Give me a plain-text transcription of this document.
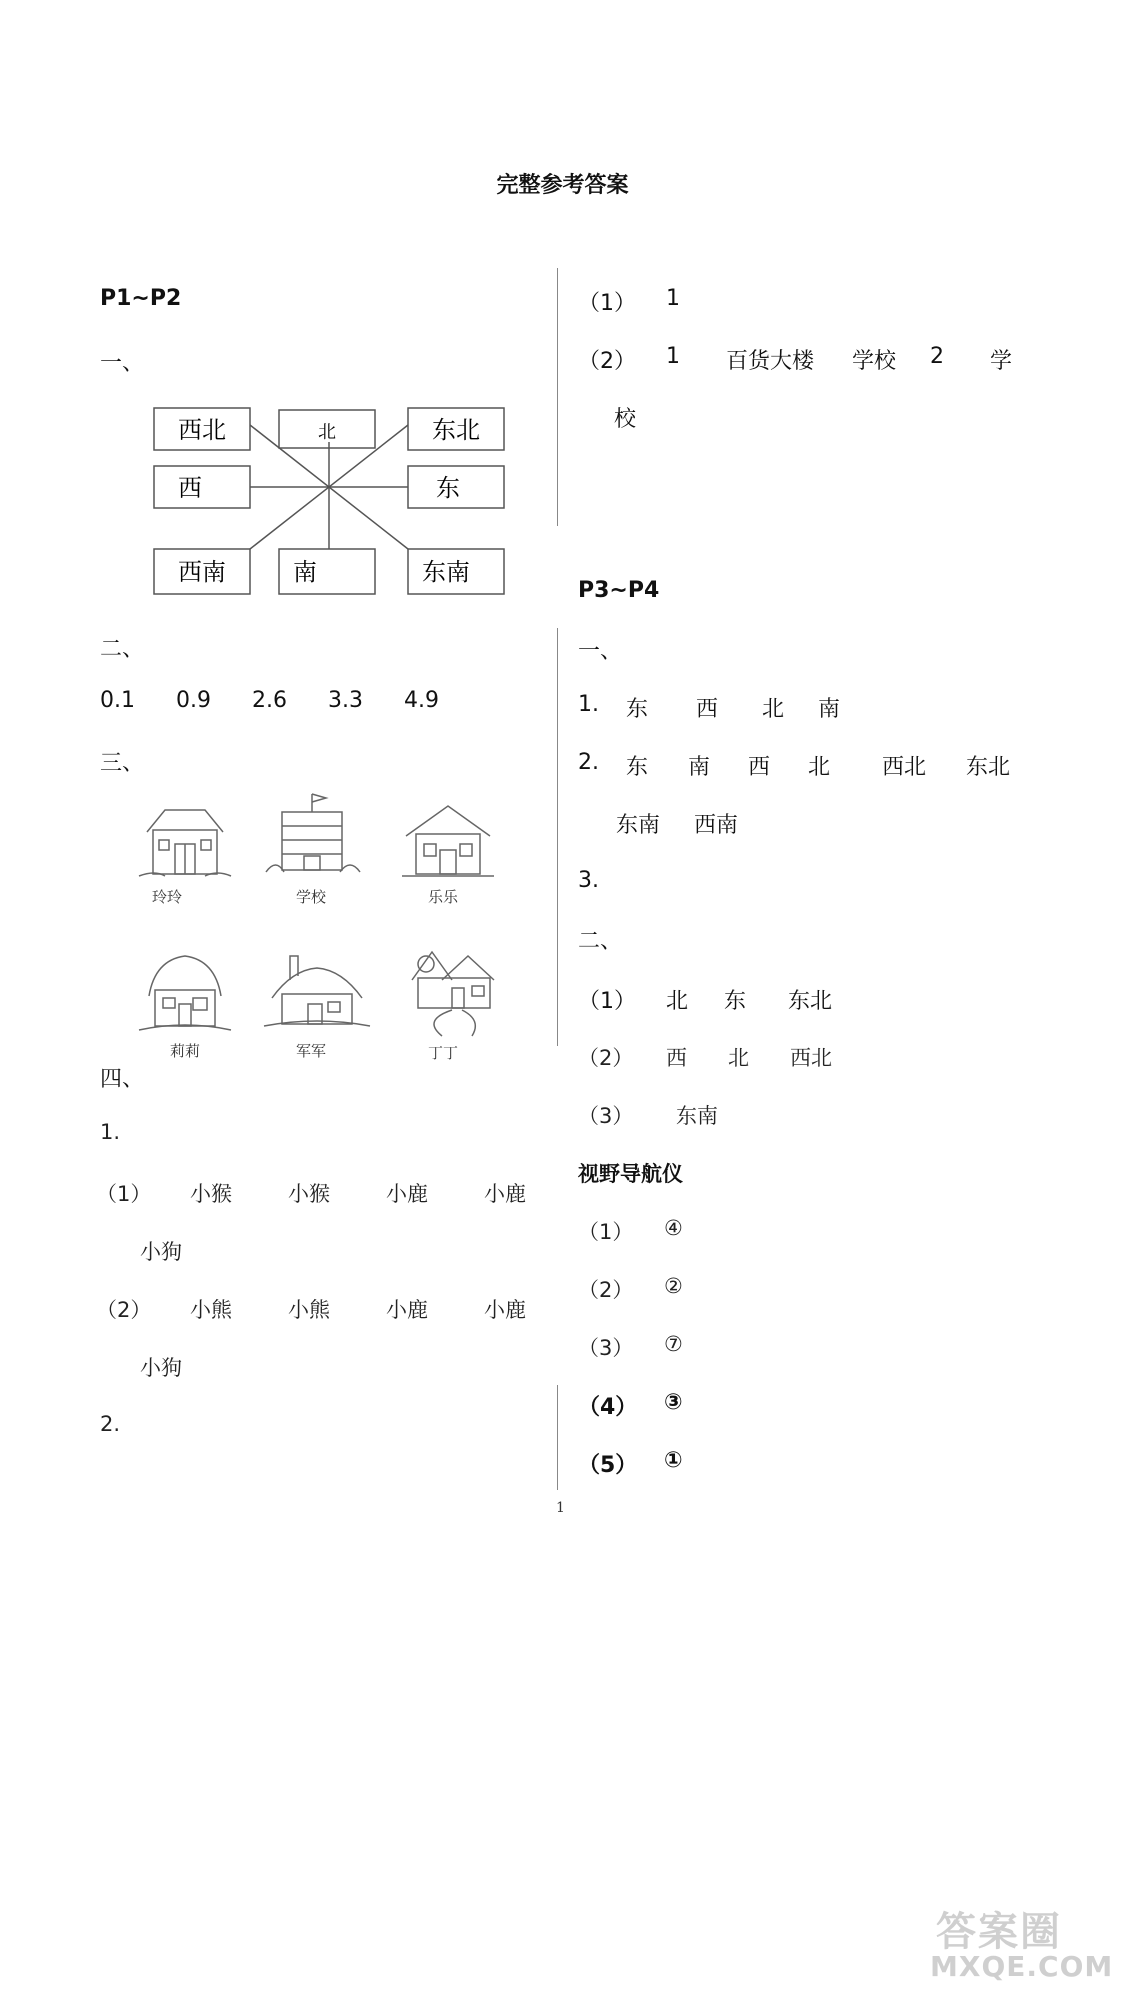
完整参考答案
P1~P2
一、
西北	北	东北
西	东
西南	南	东南
二、
0.1 0.9 2.6 3.3 4.9
三、
玲玲	学校	乐乐
莉莉	军军	丁丁
四、
1.
（1） 小猴	小猴	小鹿	小鹿
小狗
（2） 小熊	小熊	小鹿	小鹿
小狗
2.
（1） 1
（2） 1 百货大楼 学校 2 学
校
P3~P4
一、
1. 东 西 北 南
2. 东 南 西 北 西北 东北
东南 西南
3.
二、
（1） 北 东 东北
（2） 西 北 西北
（3） 东南
视野导航仪
（1） ④
（2） ②
（3） ⑦
（4） ③
（5） ①
1
答案圈
MXQE.COM
